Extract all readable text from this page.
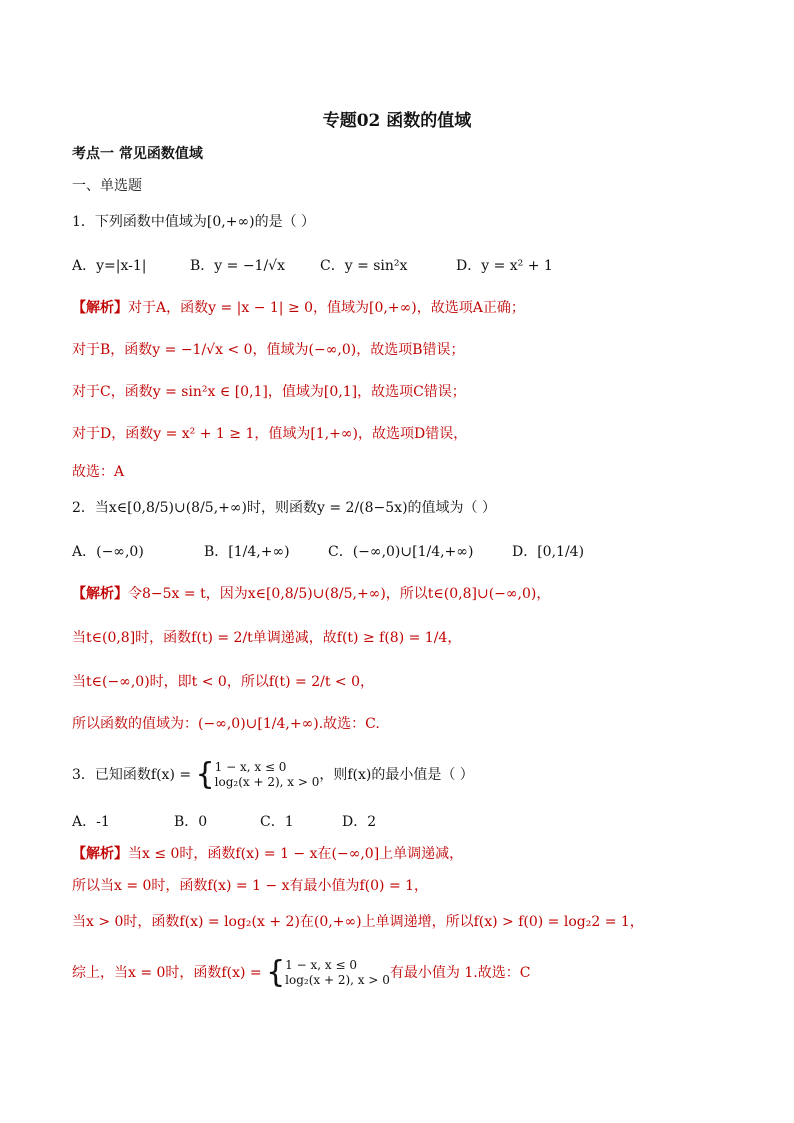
专题02 函数的值域
考点一 常见函数值域
一、单选题
1．下列函数中值域为[0,+∞)的是（ ）
A．y=|x-1|	B．y = −1/√x	C．y = sin²x	D．y = x² + 1
【解析】对于A，函数y = |x − 1| ≥ 0，值域为[0,+∞)，故选项A正确；
对于B，函数y = −1/√x < 0，值域为(−∞,0)，故选项B错误；
对于C，函数y = sin²x ∈ [0,1]，值域为[0,1]，故选项C错误；
对于D，函数y = x² + 1 ≥ 1，值域为[1,+∞)，故选项D错误，
故选：A
2．当x∈[0,8/5)∪(8/5,+∞)时，则函数y = 2/(8−5x)的值域为（ ）
A．(−∞,0)	B．[1/4,+∞)	C．(−∞,0)∪[1/4,+∞)	D．[0,1/4)
【解析】令8−5x = t，因为x∈[0,8/5)∪(8/5,+∞)，所以t∈(0,8]∪(−∞,0)，
当t∈(0,8]时，函数f(t) = 2/t单调递减，故f(t) ≥ f(8) = 1/4，
当t∈(−∞,0)时，即t < 0，所以f(t) = 2/t < 0，
所以函数的值域为：(−∞,0)∪[1/4,+∞).故选：C.
3．已知函数f(x) = { 1 − x, x ≤ 0
log₂(x + 2), x > 0 ，则f(x)的最小值是（ ）
A．-1	B．0	C．1	D．2
【解析】当x ≤ 0时，函数f(x) = 1 − x在(−∞,0]上单调递减，
所以当x = 0时，函数f(x) = 1 − x有最小值为f(0) = 1，
当x > 0时，函数f(x) = log₂(x + 2)在(0,+∞)上单调递增，所以f(x) > f(0) = log₂2 = 1，
综上，当x = 0时，函数f(x) = { 1 − x, x ≤ 0
log₂(x + 2), x > 0 有最小值为 1.故选：C
